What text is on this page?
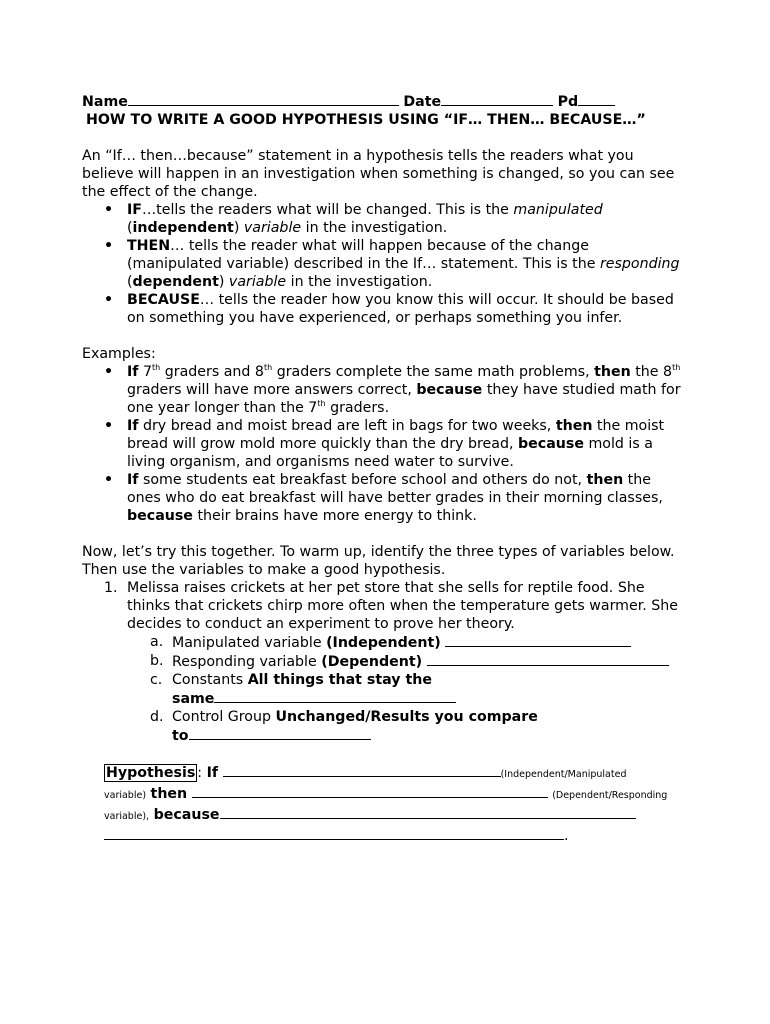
Name	Date	Pd
HOW TO WRITE A GOOD HYPOTHESIS USING “IF… THEN… BECAUSE…”

An “If… then…because” statement in a hypothesis tells the readers what you believe will happen in an investigation when something is changed, so you can see the effect of the change.

• IF…tells the readers what will be changed. This is the manipulated (independent) variable in the investigation.
• THEN… tells the reader what will happen because of the change (manipulated variable) described in the If… statement. This is the responding (dependent) variable in the investigation.
• BECAUSE… tells the reader how you know this will occur. It should be based on something you have experienced, or perhaps something you infer.

Examples:

• If 7th graders and 8th graders complete the same math problems, then the 8th graders will have more answers correct, because they have studied math for one year longer than the 7th graders.
• If dry bread and moist bread are left in bags for two weeks, then the moist bread will grow mold more quickly than the dry bread, because mold is a living organism, and organisms need water to survive.
• If some students eat breakfast before school and others do not, then the ones who do eat breakfast will have better grades in their morning classes, because their brains have more energy to think.

Now, let’s try this together. To warm up, identify the three types of variables below. Then use the variables to make a good hypothesis.

1. Melissa raises crickets at her pet store that she sells for reptile food. She thinks that crickets chirp more often when the temperature gets warmer. She decides to conduct an experiment to prove her theory.
a. Manipulated variable (Independent)
b. Responding variable (Dependent)
c. Constants All things that stay the
same
d. Control Group Unchanged/Results you compare
to
Hypothesis : If	(Independent/Manipulated
variable) then	(Dependent/Responding
variable), because
.
